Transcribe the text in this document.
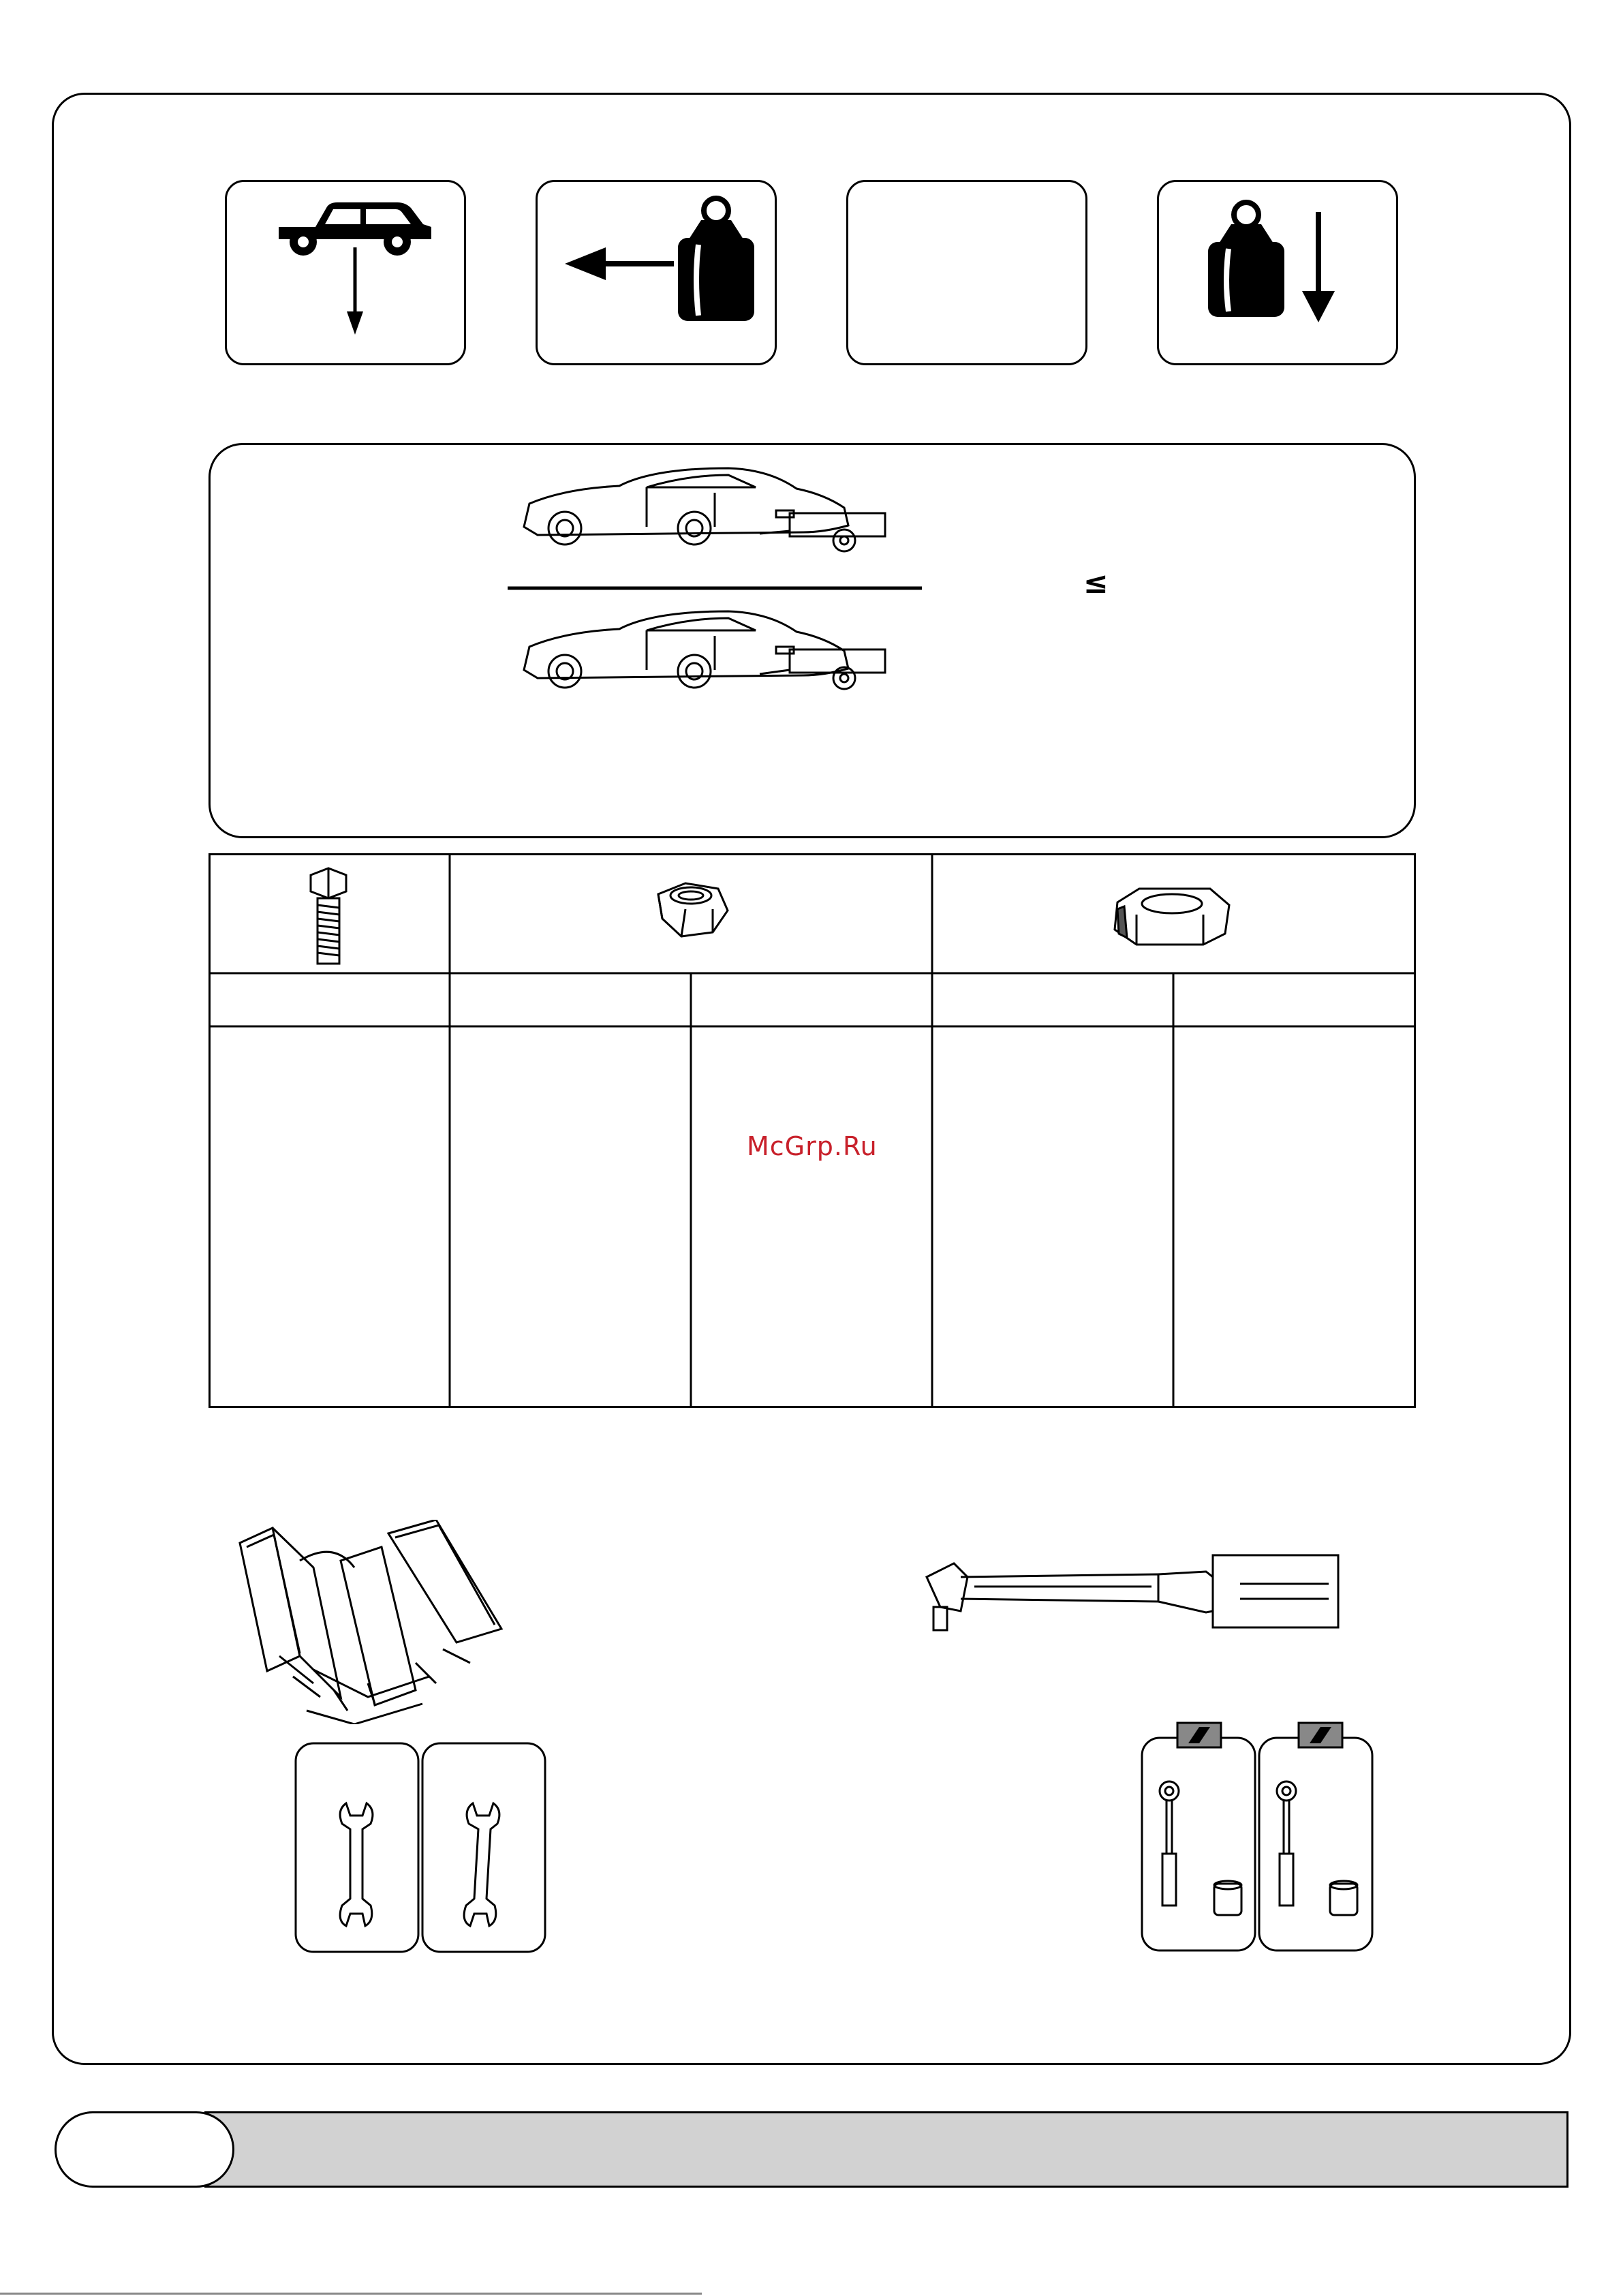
≤
McGrp.Ru
